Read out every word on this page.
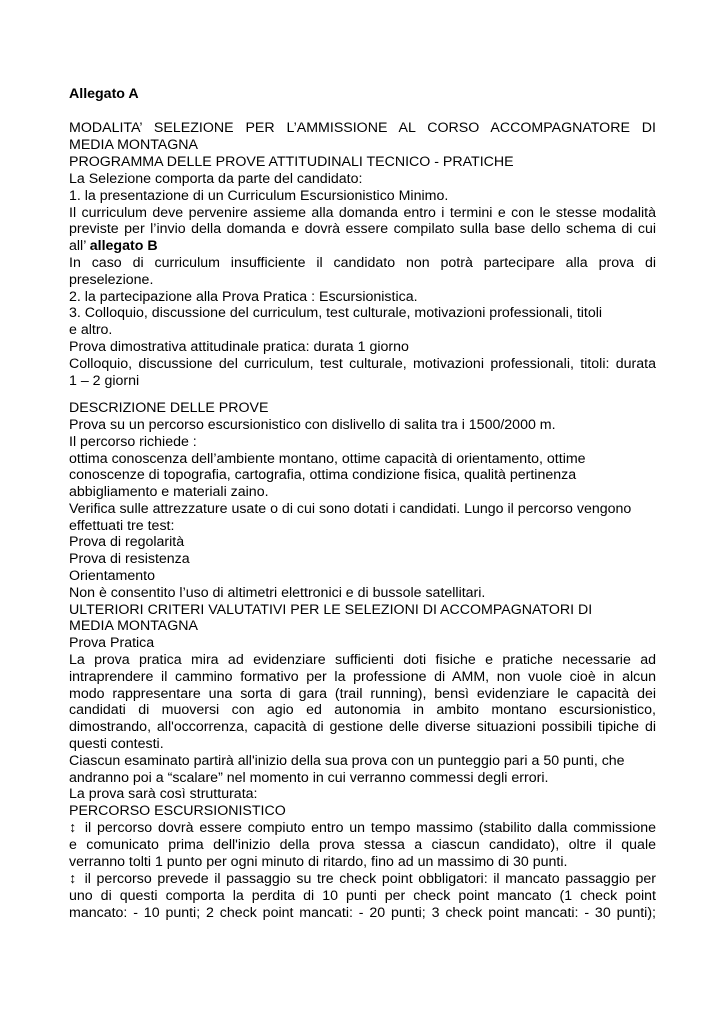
Allegato A
MODALITA’ SELEZIONE PER L’AMMISSIONE AL CORSO ACCOMPAGNATORE DI
MEDIA MONTAGNA
PROGRAMMA DELLE PROVE ATTITUDINALI TECNICO - PRATICHE
La Selezione comporta da parte del candidato:
1. la presentazione di un Curriculum Escursionistico Minimo.
Il curriculum deve pervenire assieme alla domanda entro i termini e con le stesse modalità
previste per l’invio della domanda e dovrà essere compilato sulla base dello schema di cui
all’ allegato B
In caso di curriculum insufficiente il candidato non potrà partecipare alla prova di
preselezione.
2. la partecipazione alla Prova Pratica : Escursionistica.
3. Colloquio, discussione del curriculum, test culturale, motivazioni professionali, titoli
e altro.
Prova dimostrativa attitudinale pratica: durata 1 giorno
Colloquio, discussione del curriculum, test culturale, motivazioni professionali, titoli: durata
1 – 2 giorni
DESCRIZIONE DELLE PROVE
Prova su un percorso escursionistico con dislivello di salita tra i 1500/2000 m.
Il percorso richiede :
ottima conoscenza dell’ambiente montano, ottime capacità di orientamento, ottime
conoscenze di topografia, cartografia, ottima condizione fisica, qualità pertinenza
abbigliamento e materiali zaino.
Verifica sulle attrezzature usate o di cui sono dotati i candidati. Lungo il percorso vengono
effettuati tre test:
Prova di regolarità
Prova di resistenza
Orientamento
Non è consentito l’uso di altimetri elettronici e di bussole satellitari.
ULTERIORI CRITERI VALUTATIVI PER LE SELEZIONI DI ACCOMPAGNATORI DI
MEDIA MONTAGNA
Prova Pratica
La prova pratica mira ad evidenziare sufficienti doti fisiche e pratiche necessarie ad
intraprendere il cammino formativo per la professione di AMM, non vuole cioè in alcun
modo rappresentare una sorta di gara (trail running), bensì evidenziare le capacità dei
candidati di muoversi con agio ed autonomia in ambito montano escursionistico,
dimostrando, all'occorrenza, capacità di gestione delle diverse situazioni possibili tipiche di
questi contesti.
Ciascun esaminato partirà all'inizio della sua prova con un punteggio pari a 50 punti, che
andranno poi a “scalare” nel momento in cui verranno commessi degli errori.
La prova sarà così strutturata:
PERCORSO ESCURSIONISTICO
↕ il percorso dovrà essere compiuto entro un tempo massimo (stabilito dalla commissione
e comunicato prima dell'inizio della prova stessa a ciascun candidato), oltre il quale
verranno tolti 1 punto per ogni minuto di ritardo, fino ad un massimo di 30 punti.
↕ il percorso prevede il passaggio su tre check point obbligatori: il mancato passaggio per
uno di questi comporta la perdita di 10 punti per check point mancato (1 check point
mancato: - 10 punti; 2 check point mancati: - 20 punti; 3 check point mancati: - 30 punti);
